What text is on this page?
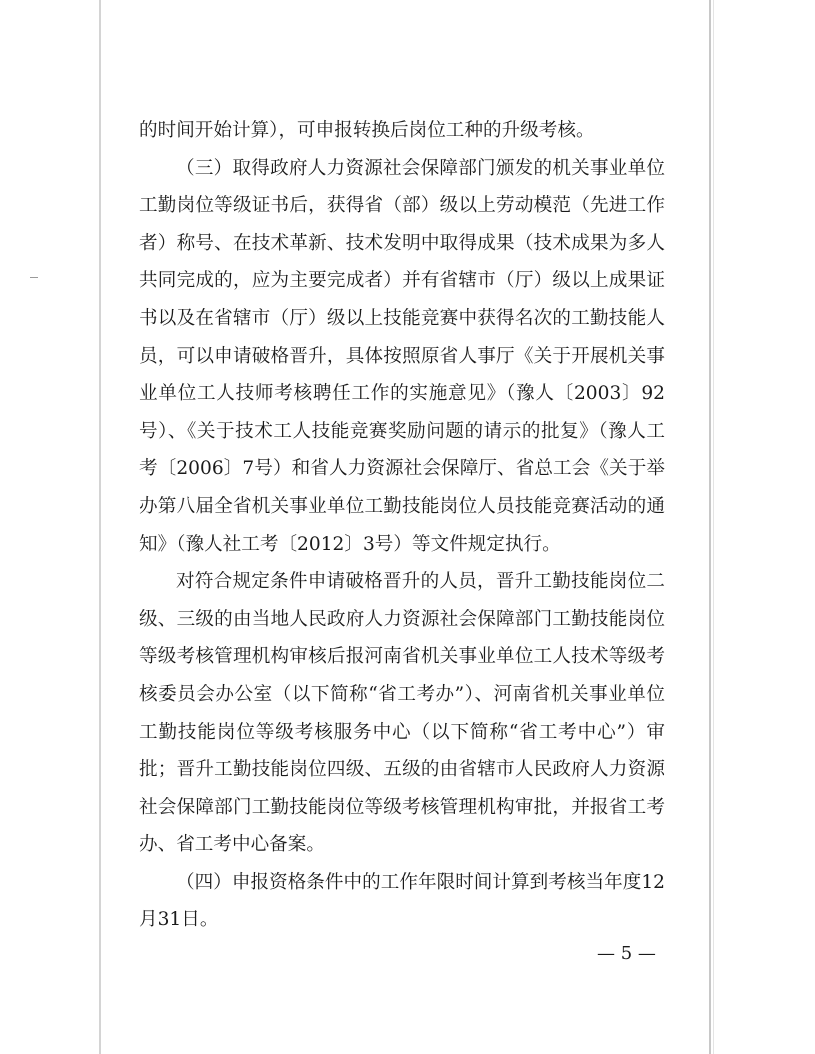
的时间开始计算），可申报转换后岗位工种的升级考核。
（三）取得政府人力资源社会保障部门颁发的机关事业单位
工勤岗位等级证书后，获得省（部）级以上劳动模范（先进工作
者）称号、在技术革新、技术发明中取得成果（技术成果为多人
共同完成的，应为主要完成者）并有省辖市（厅）级以上成果证
书以及在省辖市（厅）级以上技能竞赛中获得名次的工勤技能人
员，可以申请破格晋升，具体按照原省人事厅《关于开展机关事
业单位工人技师考核聘任工作的实施意见》（豫人〔2003〕92
号）、《关于技术工人技能竞赛奖励问题的请示的批复》（豫人工
考〔2006〕7号）和省人力资源社会保障厅、省总工会《关于举
办第八届全省机关事业单位工勤技能岗位人员技能竞赛活动的通
知》（豫人社工考〔2012〕3号）等文件规定执行。
对符合规定条件申请破格晋升的人员，晋升工勤技能岗位二
级、三级的由当地人民政府人力资源社会保障部门工勤技能岗位
等级考核管理机构审核后报河南省机关事业单位工人技术等级考
核委员会办公室（以下简称“省工考办”）、河南省机关事业单位
工勤技能岗位等级考核服务中心（以下简称“省工考中心”）审
批；晋升工勤技能岗位四级、五级的由省辖市人民政府人力资源
社会保障部门工勤技能岗位等级考核管理机构审批，并报省工考
办、省工考中心备案。
（四）申报资格条件中的工作年限时间计算到考核当年度12
月31日。
— 5 —
